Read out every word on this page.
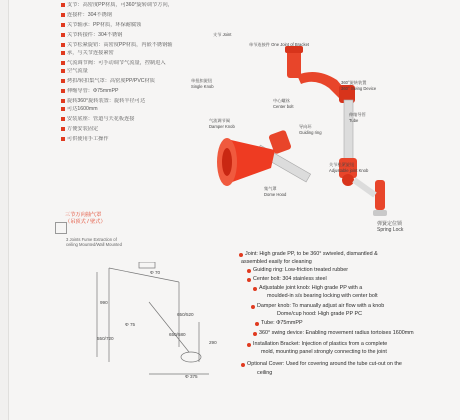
支节：高密度PP材质，可360°旋转调节方向，
连接杆：304不锈钢
关节轴承：PP材质，环保耐腐蚀
关节转接件：304不锈钢
关节松紧旋钮：高密度PP材质，内嵌不锈钢轴
承，与关节连接紧密
气流调节阀：可手动调节气流量，控制进入
空气流量
烤扣/转扣集气罩：高密度PP/PVC材质
伸缩导管：Φ75mmPP
旋转360°旋转装置：旋转半径可达
可达1600mm
安装底座：管道与天花板连接
方便安装固定
可供使用手工操作
支节 Joint
单节连接件 One Joint of Bracket
单扭扣旋钮
Single Knob
360°旋转装置
360° Swing Device
中心螺丝
Center bolt
伸缩导管
Tube
气流调节阀
Damper Knob	导向环
Guiding ring
关节松紧旋钮
Adjustable joint Knob
集气罩
Dome Hood
弹簧定位锁
Spring Lock
三节万向抽气罩
（吊顶式 / 壁式）
3 Joints Fume Extraction of ceiling Mounted/Wall Mounted
Φ 70
990
Φ 75
650/520
550/720
650/580
290
Φ 375
Joint: High grade PP, to be 360° swiveled, dismantled &
assembled easily for cleaning
Guiding ring: Low-friction treated rubber
Center bolt: 304 stainless steel
Adjustable joint knob: High grade PP with a
moulded-in s/s bearing locking with center bolt
Damper knob: To manually adjust air flow with a knob
Dome/cup hood: High grade PP PC
Tube: Φ75mmPP
360° swing device: Enabling movement radius tortoises 1600mm
Installation Bracket: Injection of plastics from a complete
mold, mounting panel strongly connecting to the joint
Optional Cover: Used for covering around the tube cut-out on the
ceiling
